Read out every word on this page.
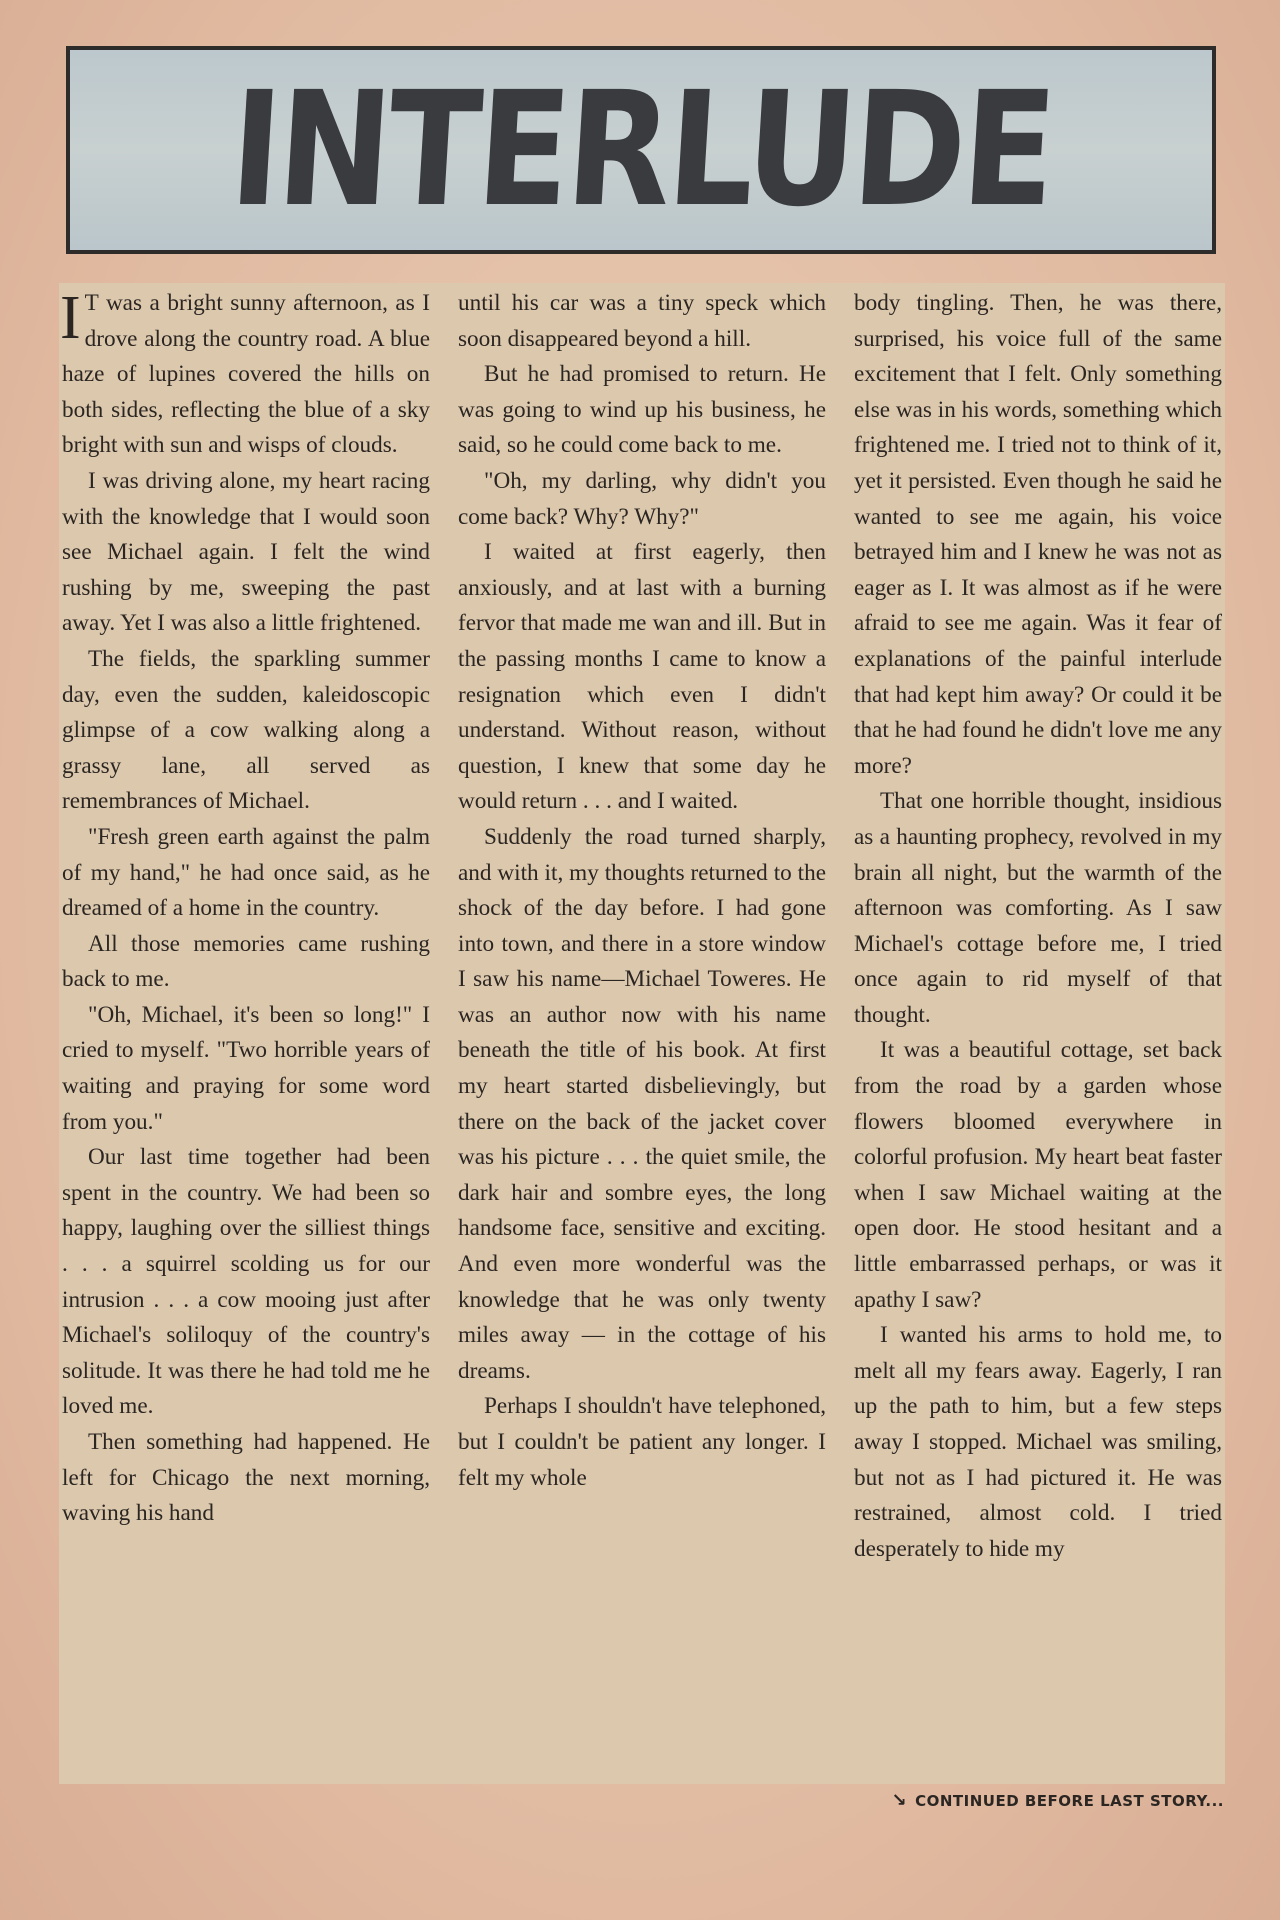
INTERLUDE

I T was a bright sunny afternoon, as I drove along the country road. A blue haze of lupines covered the hills on both sides, reflecting the blue of a sky bright with sun and wisps of clouds.

I was driving alone, my heart racing with the knowledge that I would soon see Michael again. I felt the wind rushing by me, sweeping the past away. Yet I was also a little frightened.

The fields, the sparkling summer day, even the sudden, kaleidoscopic glimpse of a cow walking along a grassy lane, all served as remembrances of Michael.

"Fresh green earth against the palm of my hand," he had once said, as he dreamed of a home in the country.

All those memories came rushing back to me.

"Oh, Michael, it's been so long!" I cried to myself. "Two horrible years of waiting and praying for some word from you."

Our last time together had been spent in the country. We had been so happy, laughing over the silliest things . . . a squirrel scolding us for our intrusion . . . a cow mooing just after Michael's soliloquy of the country's solitude. It was there he had told me he loved me.

Then something had happened. He left for Chicago the next morning, waving his hand

until his car was a tiny speck which soon disappeared beyond a hill.

But he had promised to return. He was going to wind up his business, he said, so he could come back to me.

"Oh, my darling, why didn't you come back? Why? Why?"

I waited at first eagerly, then anxiously, and at last with a burning fervor that made me wan and ill. But in the passing months I came to know a resignation which even I didn't understand. Without reason, without question, I knew that some day he would return . . . and I waited.

Suddenly the road turned sharply, and with it, my thoughts returned to the shock of the day before. I had gone into town, and there in a store window I saw his name—Michael Toweres. He was an author now with his name beneath the title of his book. At first my heart started disbelievingly, but there on the back of the jacket cover was his picture . . . the quiet smile, the dark hair and sombre eyes, the long handsome face, sensitive and exciting. And even more wonderful was the knowledge that he was only twenty miles away — in the cottage of his dreams.

Perhaps I shouldn't have telephoned, but I couldn't be patient any longer. I felt my whole

body tingling. Then, he was there, surprised, his voice full of the same excitement that I felt. Only something else was in his words, something which frightened me. I tried not to think of it, yet it persisted. Even though he said he wanted to see me again, his voice betrayed him and I knew he was not as eager as I. It was almost as if he were afraid to see me again. Was it fear of explanations of the painful interlude that had kept him away? Or could it be that he had found he didn't love me any more?

That one horrible thought, insidious as a haunting prophecy, revolved in my brain all night, but the warmth of the afternoon was comforting. As I saw Michael's cottage before me, I tried once again to rid myself of that thought.

It was a beautiful cottage, set back from the road by a garden whose flowers bloomed everywhere in colorful profusion. My heart beat faster when I saw Michael waiting at the open door. He stood hesitant and a little embarrassed perhaps, or was it apathy I saw?

I wanted his arms to hold me, to melt all my fears away. Eagerly, I ran up the path to him, but a few steps away I stopped. Michael was smiling, but not as I had pictured it. He was restrained, almost cold. I tried desperately to hide my

↘ CONTINUED BEFORE LAST STORY...
